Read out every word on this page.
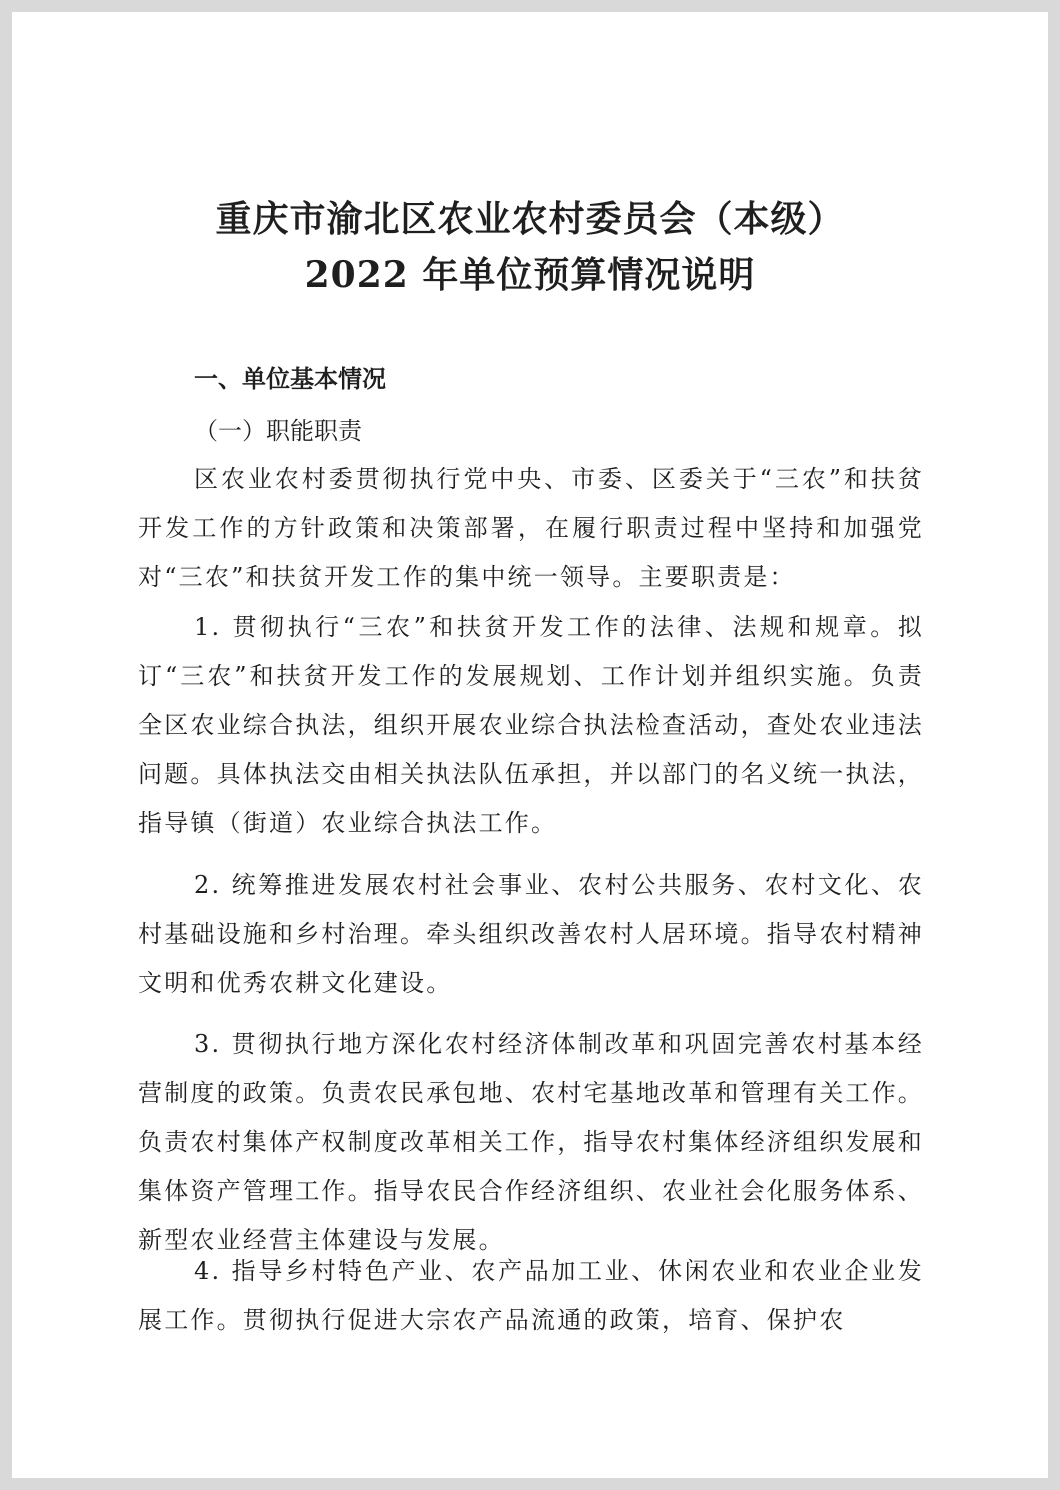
重庆市渝北区农业农村委员会（本级）
2022 年单位预算情况说明
一、单位基本情况
（一）职能职责

区农业农村委贯彻执行党中央、市委、区委关于“三农”和扶贫开发工作的方针政策和决策部署，在履行职责过程中坚持和加强党对“三农”和扶贫开发工作的集中统一领导。主要职责是：

1. 贯彻执行“三农”和扶贫开发工作的法律、法规和规章。拟订“三农”和扶贫开发工作的发展规划、工作计划并组织实施。负责全区农业综合执法，组织开展农业综合执法检查活动，查处农业违法问题。具体执法交由相关执法队伍承担，并以部门的名义统一执法，指导镇（街道）农业综合执法工作。

2. 统筹推进发展农村社会事业、农村公共服务、农村文化、农村基础设施和乡村治理。牵头组织改善农村人居环境。指导农村精神文明和优秀农耕文化建设。

3. 贯彻执行地方深化农村经济体制改革和巩固完善农村基本经营制度的政策。负责农民承包地、农村宅基地改革和管理有关工作。负责农村集体产权制度改革相关工作，指导农村集体经济组织发展和集体资产管理工作。指导农民合作经济组织、农业社会化服务体系、新型农业经营主体建设与发展。

4. 指导乡村特色产业、农产品加工业、休闲农业和农业企业发展工作。贯彻执行促进大宗农产品流通的政策，培育、保护农
